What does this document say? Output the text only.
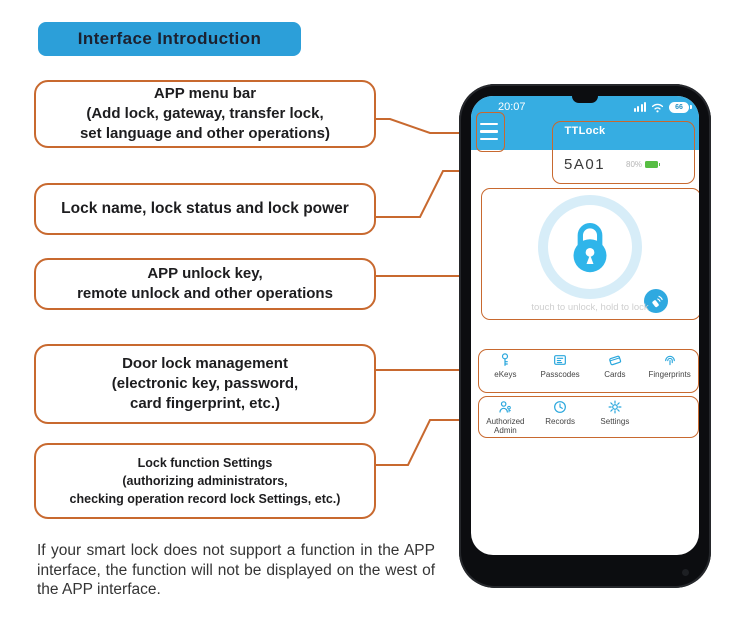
Interface Introduction
APP menu bar
(Add lock, gateway, transfer lock,
set language and other operations)
Lock name, lock status and lock power
APP unlock key,
remote unlock and other operations
Door lock management
(electronic key, password,
card fingerprint, etc.)
Lock function Settings
(authorizing administrators,
checking operation record lock Settings, etc.)
If your smart lock does not support a function in the APP interface, the function will not be displayed on the west of the APP interface.
20:07	66
TTLock
5A01	80%
touch to unlock, hold to lock
eKeys	Passcodes	Cards	Fingerprints
Authorized Admin
Records	Settings
